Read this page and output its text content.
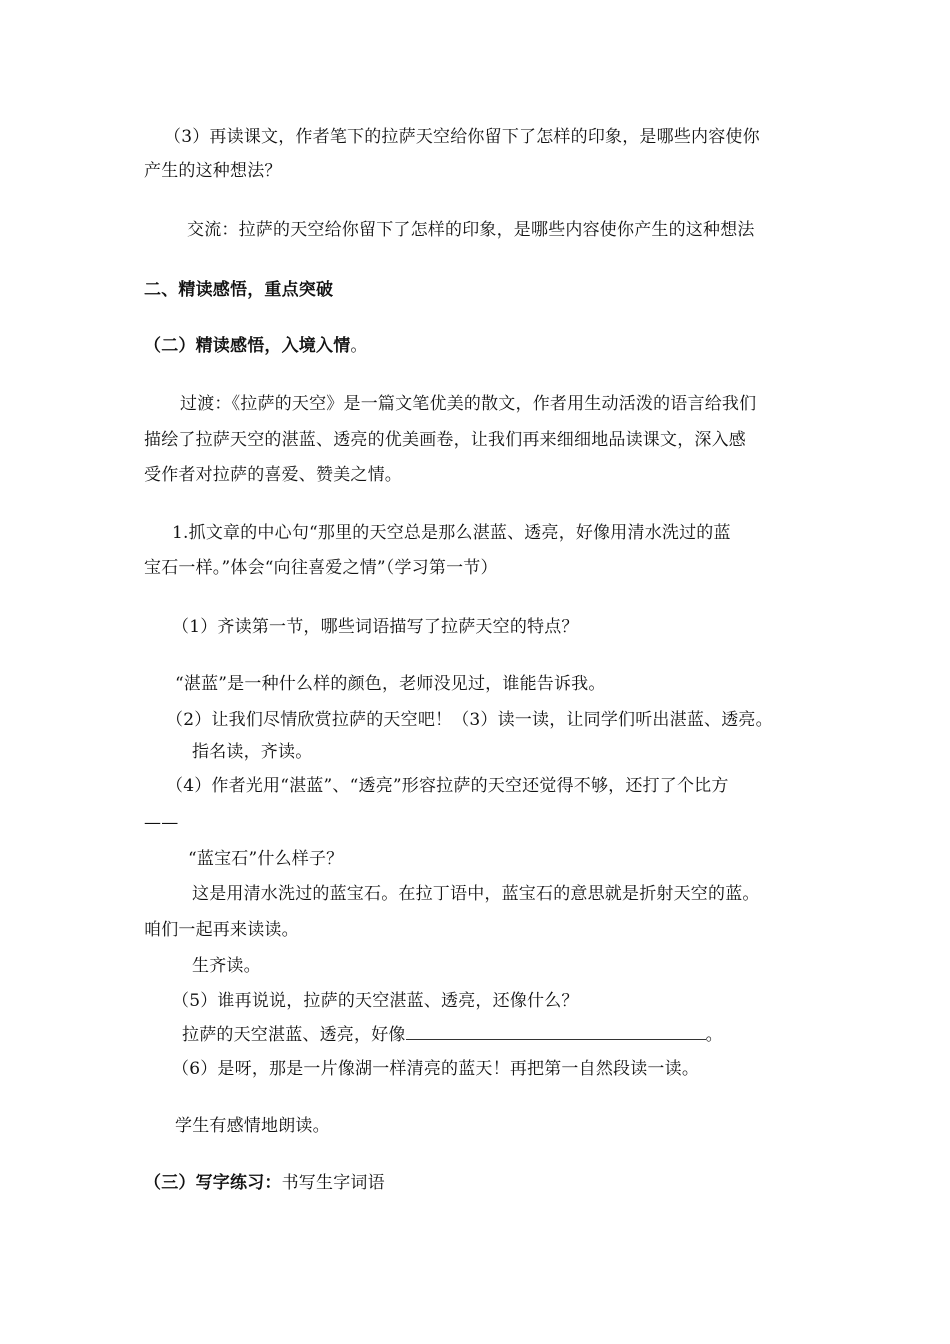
（3）再读课文，作者笔下的拉萨天空给你留下了怎样的印象，是哪些内容使你
产生的这种想法？
交流：拉萨的天空给你留下了怎样的印象，是哪些内容使你产生的这种想法
二、精读感悟，重点突破
（二）精读感悟，入境入情。
过渡：《拉萨的天空》是一篇文笔优美的散文，作者用生动活泼的语言给我们
描绘了拉萨天空的湛蓝、透亮的优美画卷，让我们再来细细地品读课文，深入感
受作者对拉萨的喜爱、赞美之情。
1.抓文章的中心句“那里的天空总是那么湛蓝、透亮，好像用清水洗过的蓝
宝石一样。”体会“向往喜爱之情”（学习第一节）
（1）齐读第一节，哪些词语描写了拉萨天空的特点？
“湛蓝”是一种什么样的颜色，老师没见过，谁能告诉我。
（2）让我们尽情欣赏拉萨的天空吧！（3）读一读，让同学们听出湛蓝、透亮。
指名读，齐读。
（4）作者光用“湛蓝”、“透亮”形容拉萨的天空还觉得不够，还打了个比方
——
“蓝宝石”什么样子？
这是用清水洗过的蓝宝石。在拉丁语中，蓝宝石的意思就是折射天空的蓝。
咱们一起再来读读。
生齐读。
（5）谁再说说，拉萨的天空湛蓝、透亮，还像什么？
拉萨的天空湛蓝、透亮，好像	。
（6）是呀，那是一片像湖一样清亮的蓝天！再把第一自然段读一读。
学生有感情地朗读。
（三）写字练习：书写生字词语
